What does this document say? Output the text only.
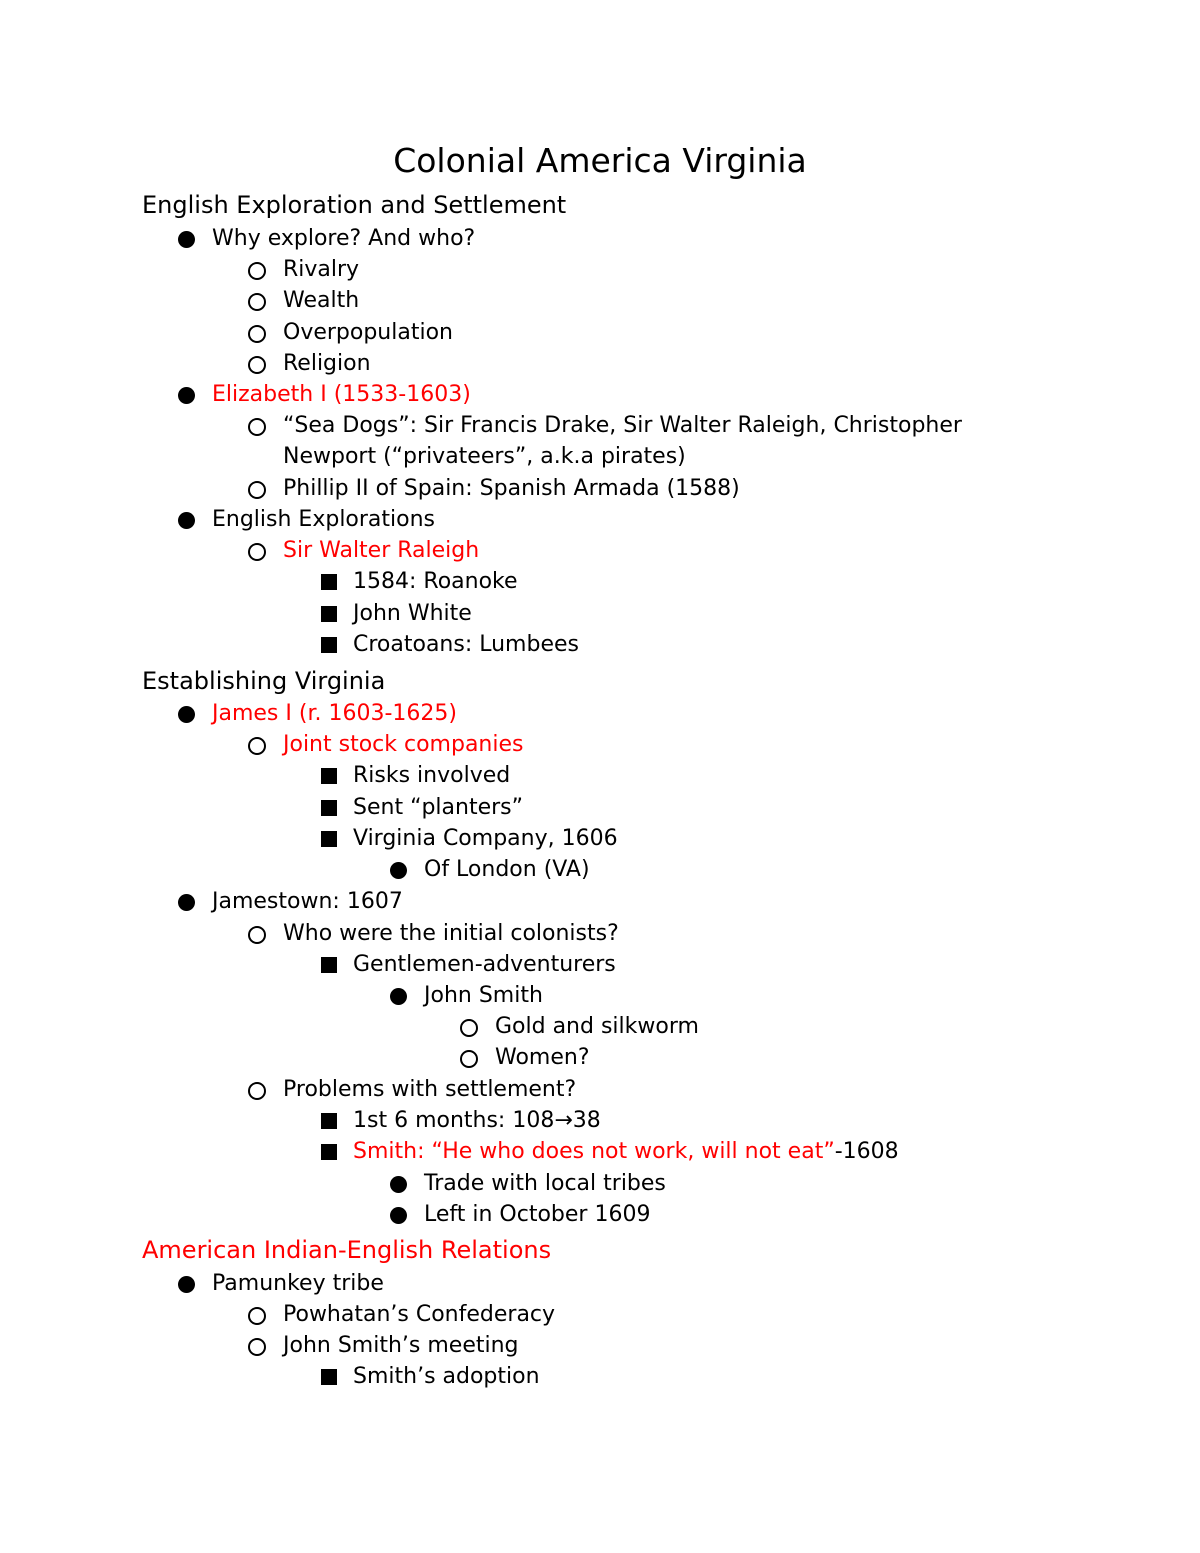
Colonial America Virginia
English Exploration and Settlement
Why explore? And who?
Rivalry
Wealth
Overpopulation
Religion
Elizabeth I (1533-1603)
“Sea Dogs”: Sir Francis Drake, Sir Walter Raleigh, Christopher
Newport (“privateers”, a.k.a pirates)
Phillip II of Spain: Spanish Armada (1588)
English Explorations
Sir Walter Raleigh
1584: Roanoke
John White
Croatoans: Lumbees
Establishing Virginia
James I (r. 1603-1625)
Joint stock companies
Risks involved
Sent “planters”
Virginia Company, 1606
Of London (VA)
Jamestown: 1607
Who were the initial colonists?
Gentlemen-adventurers
John Smith
Gold and silkworm
Women?
Problems with settlement?
1st 6 months: 108→38
Smith: “He who does not work, will not eat”-1608
Trade with local tribes
Left in October 1609
American Indian-English Relations
Pamunkey tribe
Powhatan’s Confederacy
John Smith’s meeting
Smith’s adoption
